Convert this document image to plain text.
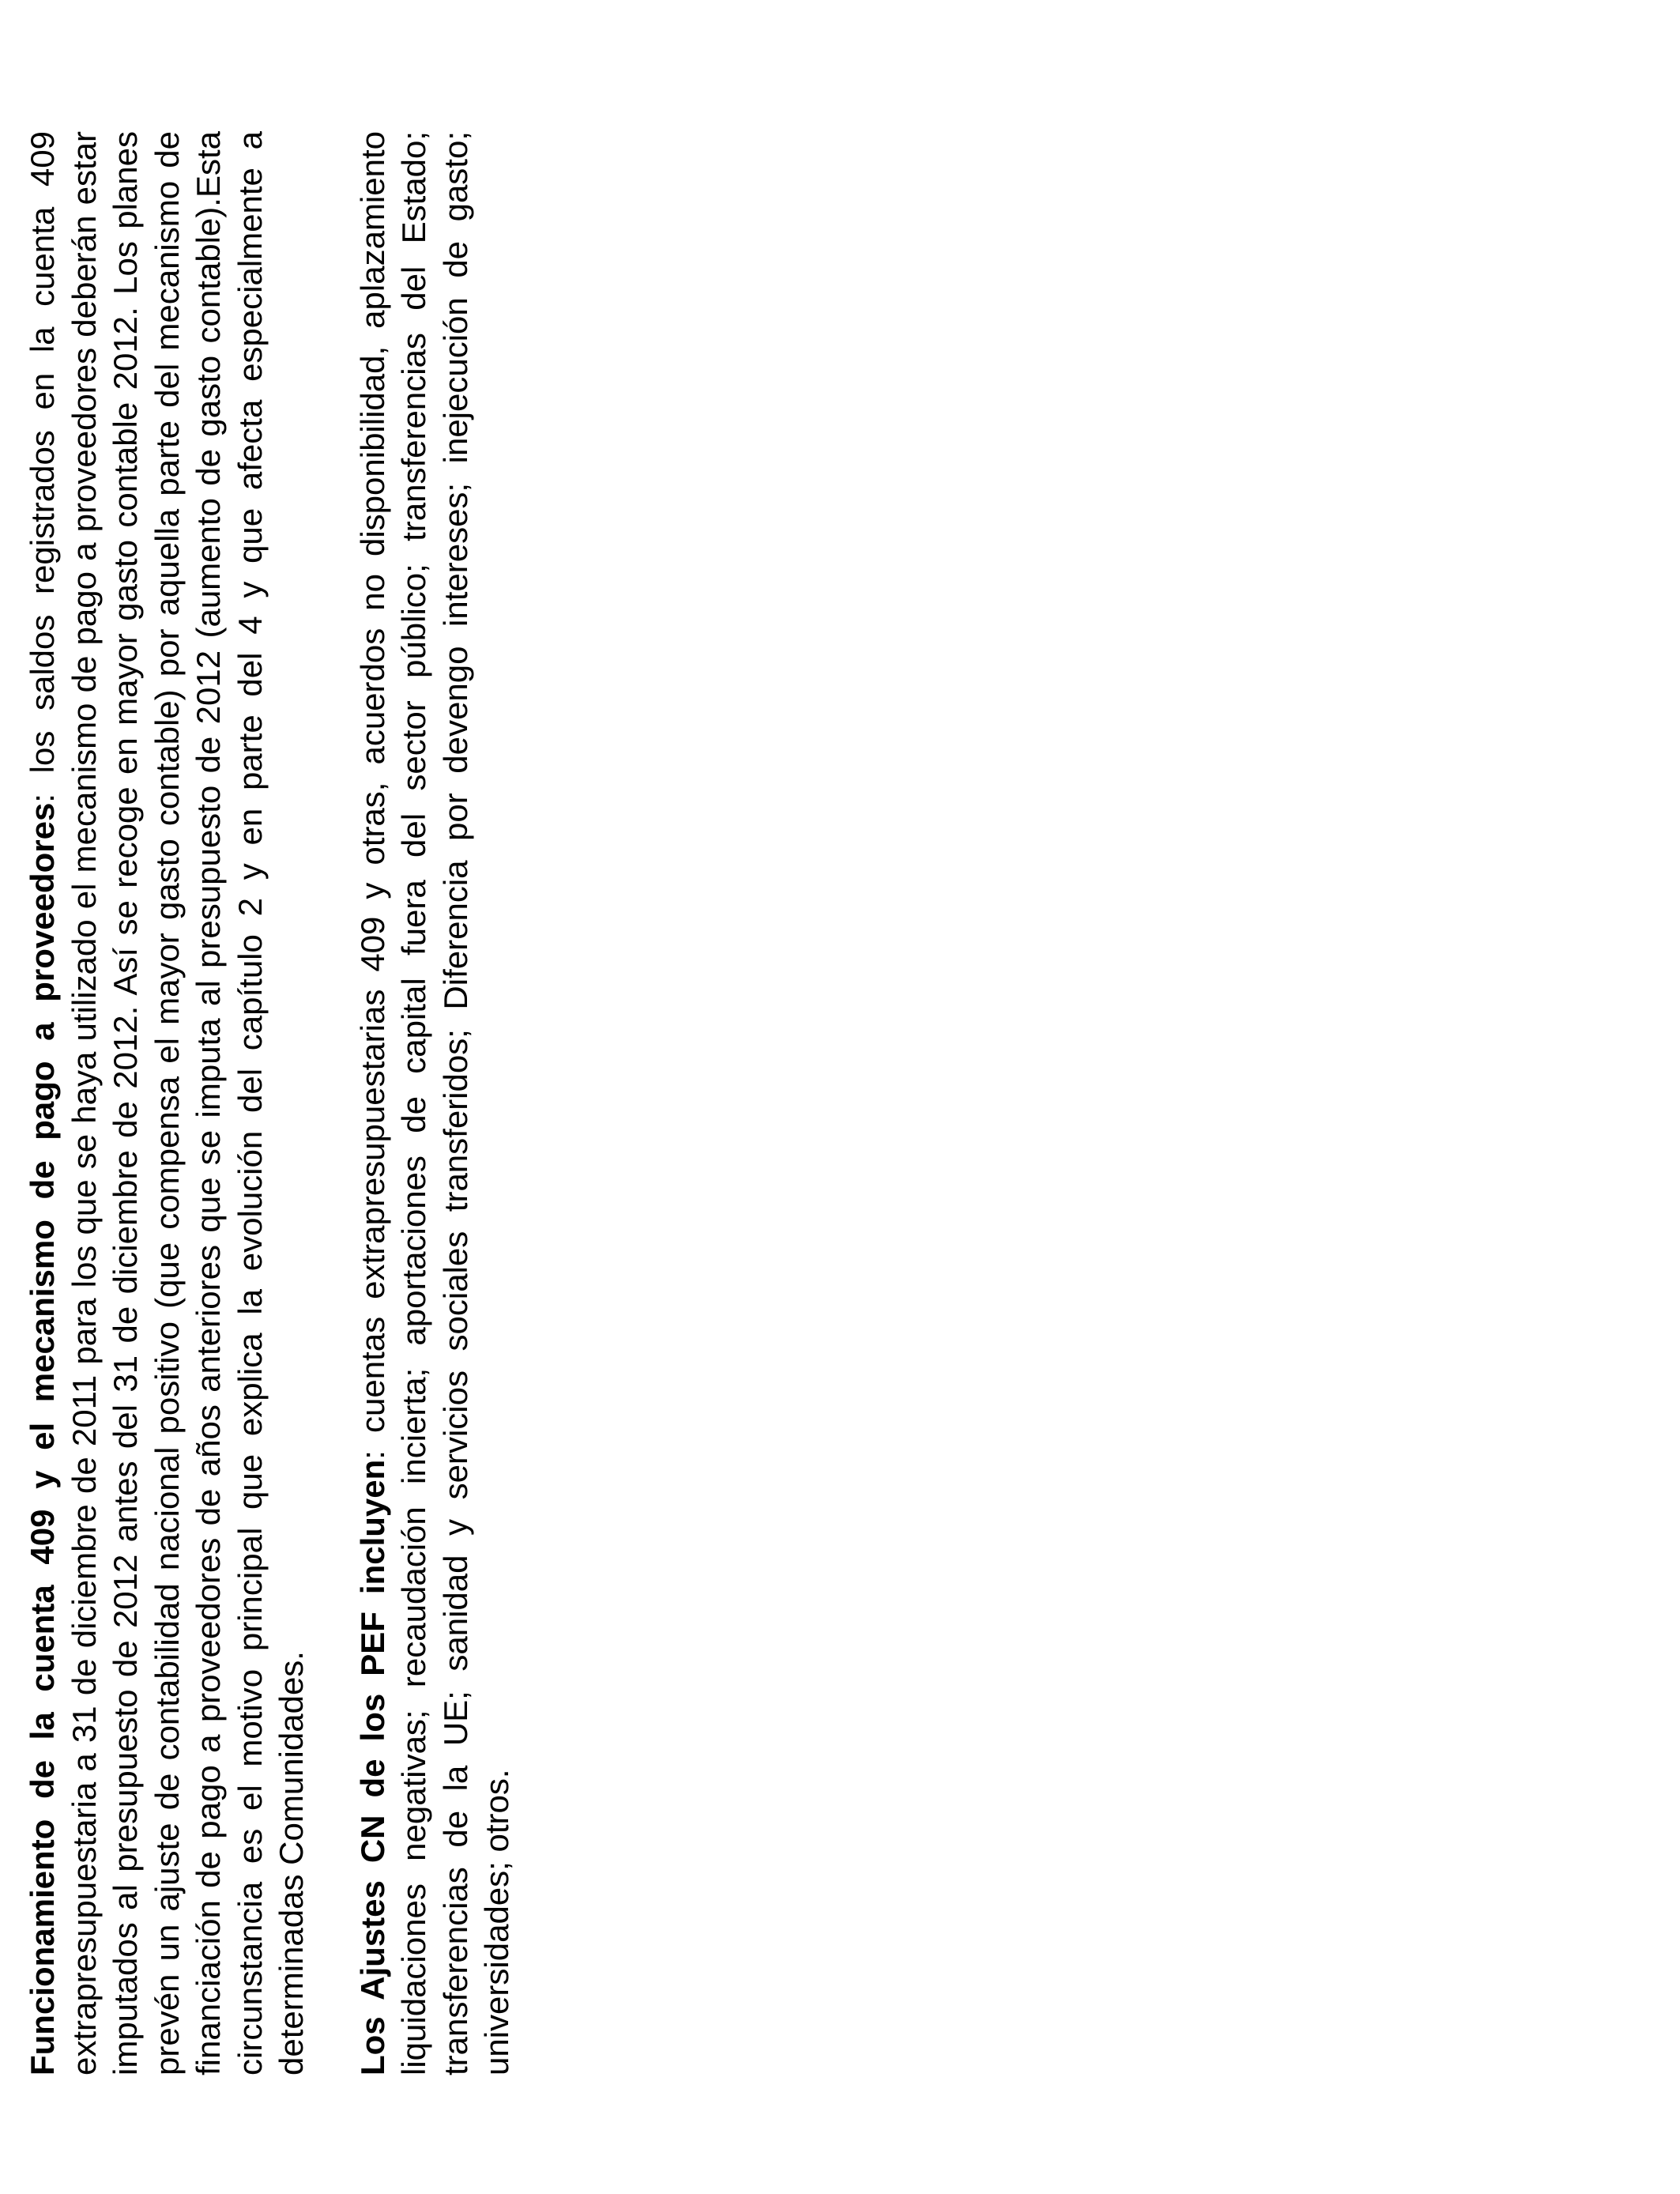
Funcionamiento de la cuenta 409 y el mecanismo de pago a proveedores: los saldos registrados en la cuenta 409 extrapresupuestaria a 31 de diciembre de 2011 para los que se haya utilizado el mecanismo de pago a proveedores deberán estar imputados al presupuesto de 2012 antes del 31 de diciembre de 2012. Así se recoge en mayor gasto contable 2012. Los planes prevén un ajuste de contabilidad nacional positivo (que compensa el mayor gasto contable) por aquella parte del mecanismo de financiación de pago a proveedores de años anteriores que se imputa al presupuesto de 2012 (aumento de gasto contable).Esta circunstancia es el motivo principal que explica la evolución del capítulo 2 y en parte del 4 y que afecta especialmente a determinadas Comunidades. Los Ajustes CN de los PEF incluyen: cuentas extrapresupuestarias 409 y otras, acuerdos no disponibilidad, aplazamiento liquidaciones negativas; recaudación incierta; aportaciones de capital fuera del sector público; transferencias del Estado; transferencias de la UE; sanidad y servicios sociales transferidos; Diferencia por devengo intereses; inejecución de gasto; universidades; otros.
